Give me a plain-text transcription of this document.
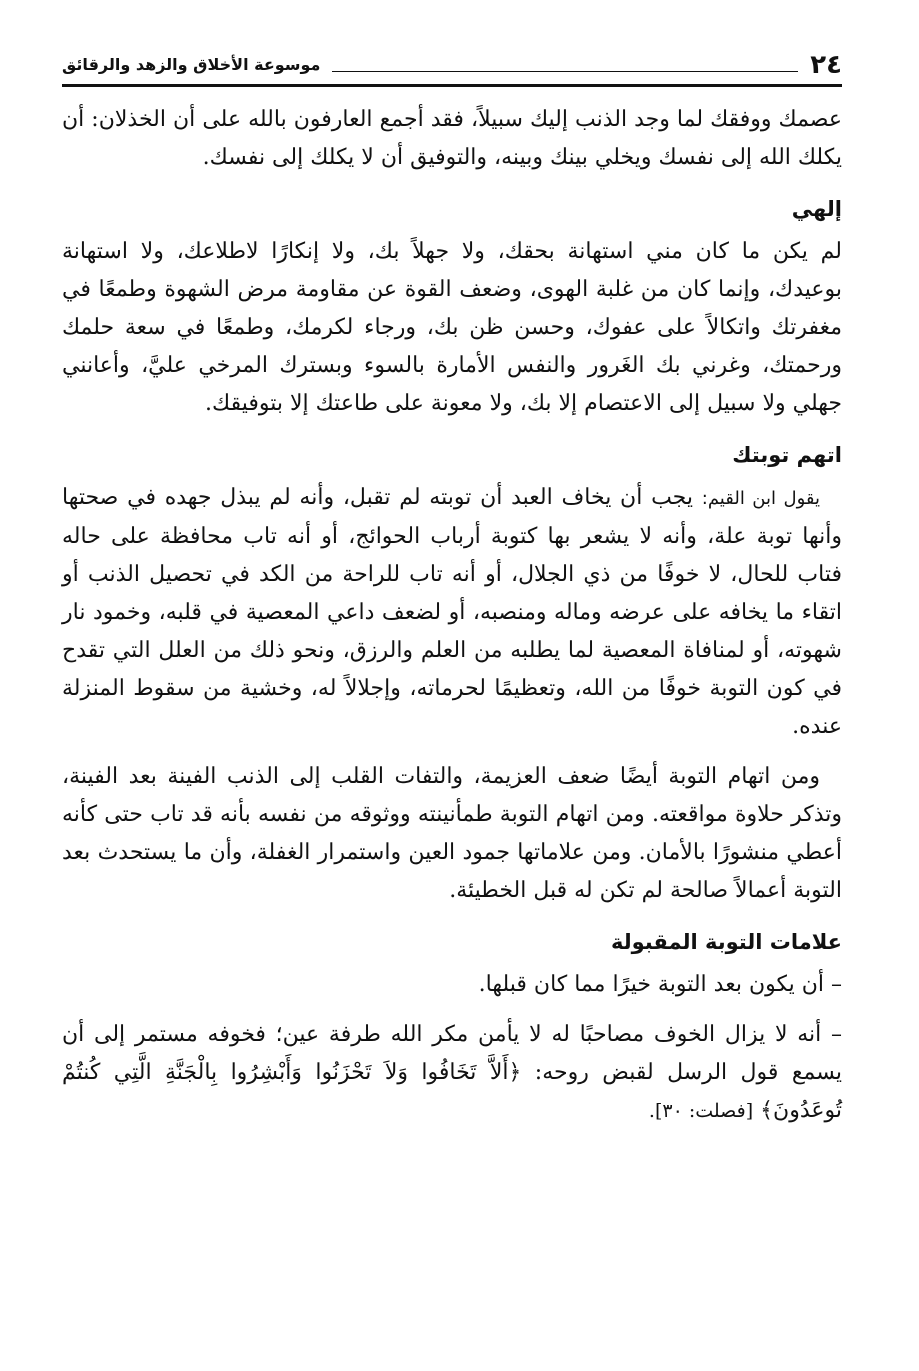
٢٤
موسوعة الأخلاق والزهد والرقائق

عصمك ووفقك لما وجد الذنب إليك سبيلاً، فقد أجمع العارفون بالله على أن الخذلان: أن يكلك الله إلى نفسك ويخلي بينك وبينه، والتوفيق أن لا يكلك إلى نفسك.

إلهي

لم يكن ما كان مني استهانة بحقك، ولا جهلاً بك، ولا إنكارًا لاطلاعك، ولا استهانة بوعيدك، وإنما كان من غلبة الهوى، وضعف القوة عن مقاومة مرض الشهوة وطمعًا في مغفرتك واتكالاً على عفوك، وحسن ظن بك، ورجاء لكرمك، وطمعًا في سعة حلمك ورحمتك، وغرني بك الغَرور والنفس الأمارة بالسوء وبسترك المرخي عليَّ، وأعانني جهلي ولا سبيل إلى الاعتصام إلا بك، ولا معونة على طاعتك إلا بتوفيقك.

اتهم توبتك

يقول ابن القيم: يجب أن يخاف العبد أن توبته لم تقبل، وأنه لم يبذل جهده في صحتها وأنها توبة علة، وأنه لا يشعر بها كتوبة أرباب الحوائج، أو أنه تاب محافظة على حاله فتاب للحال، لا خوفًا من ذي الجلال، أو أنه تاب للراحة من الكد في تحصيل الذنب أو اتقاء ما يخافه على عرضه وماله ومنصبه، أو لضعف داعي المعصية في قلبه، وخمود نار شهوته، أو لمنافاة المعصية لما يطلبه من العلم والرزق، ونحو ذلك من العلل التي تقدح في كون التوبة خوفًا من الله، وتعظيمًا لحرماته، وإجلالاً له، وخشية من سقوط المنزلة عنده.

ومن اتهام التوبة أيضًا ضعف العزيمة، والتفات القلب إلى الذنب الفينة بعد الفينة، وتذكر حلاوة مواقعته. ومن اتهام التوبة طمأنينته ووثوقه من نفسه بأنه قد تاب حتى كأنه أعطي منشورًا بالأمان. ومن علاماتها جمود العين واستمرار الغفلة، وأن ما يستحدث بعد التوبة أعمالاً صالحة لم تكن له قبل الخطيئة.

علامات التوبة المقبولة

– أن يكون بعد التوبة خيرًا مما كان قبلها.

– أنه لا يزال الخوف مصاحبًا له لا يأمن مكر الله طرفة عين؛ فخوفه مستمر إلى أن يسمع قول الرسل لقبض روحه: ﴿أَلاَّ تَخَافُوا وَلاَ تَحْزَنُوا وَأَبْشِرُوا بِالْجَنَّةِ الَّتِي كُنتُمْ تُوعَدُونَ﴾ [فصلت: ٣٠].
